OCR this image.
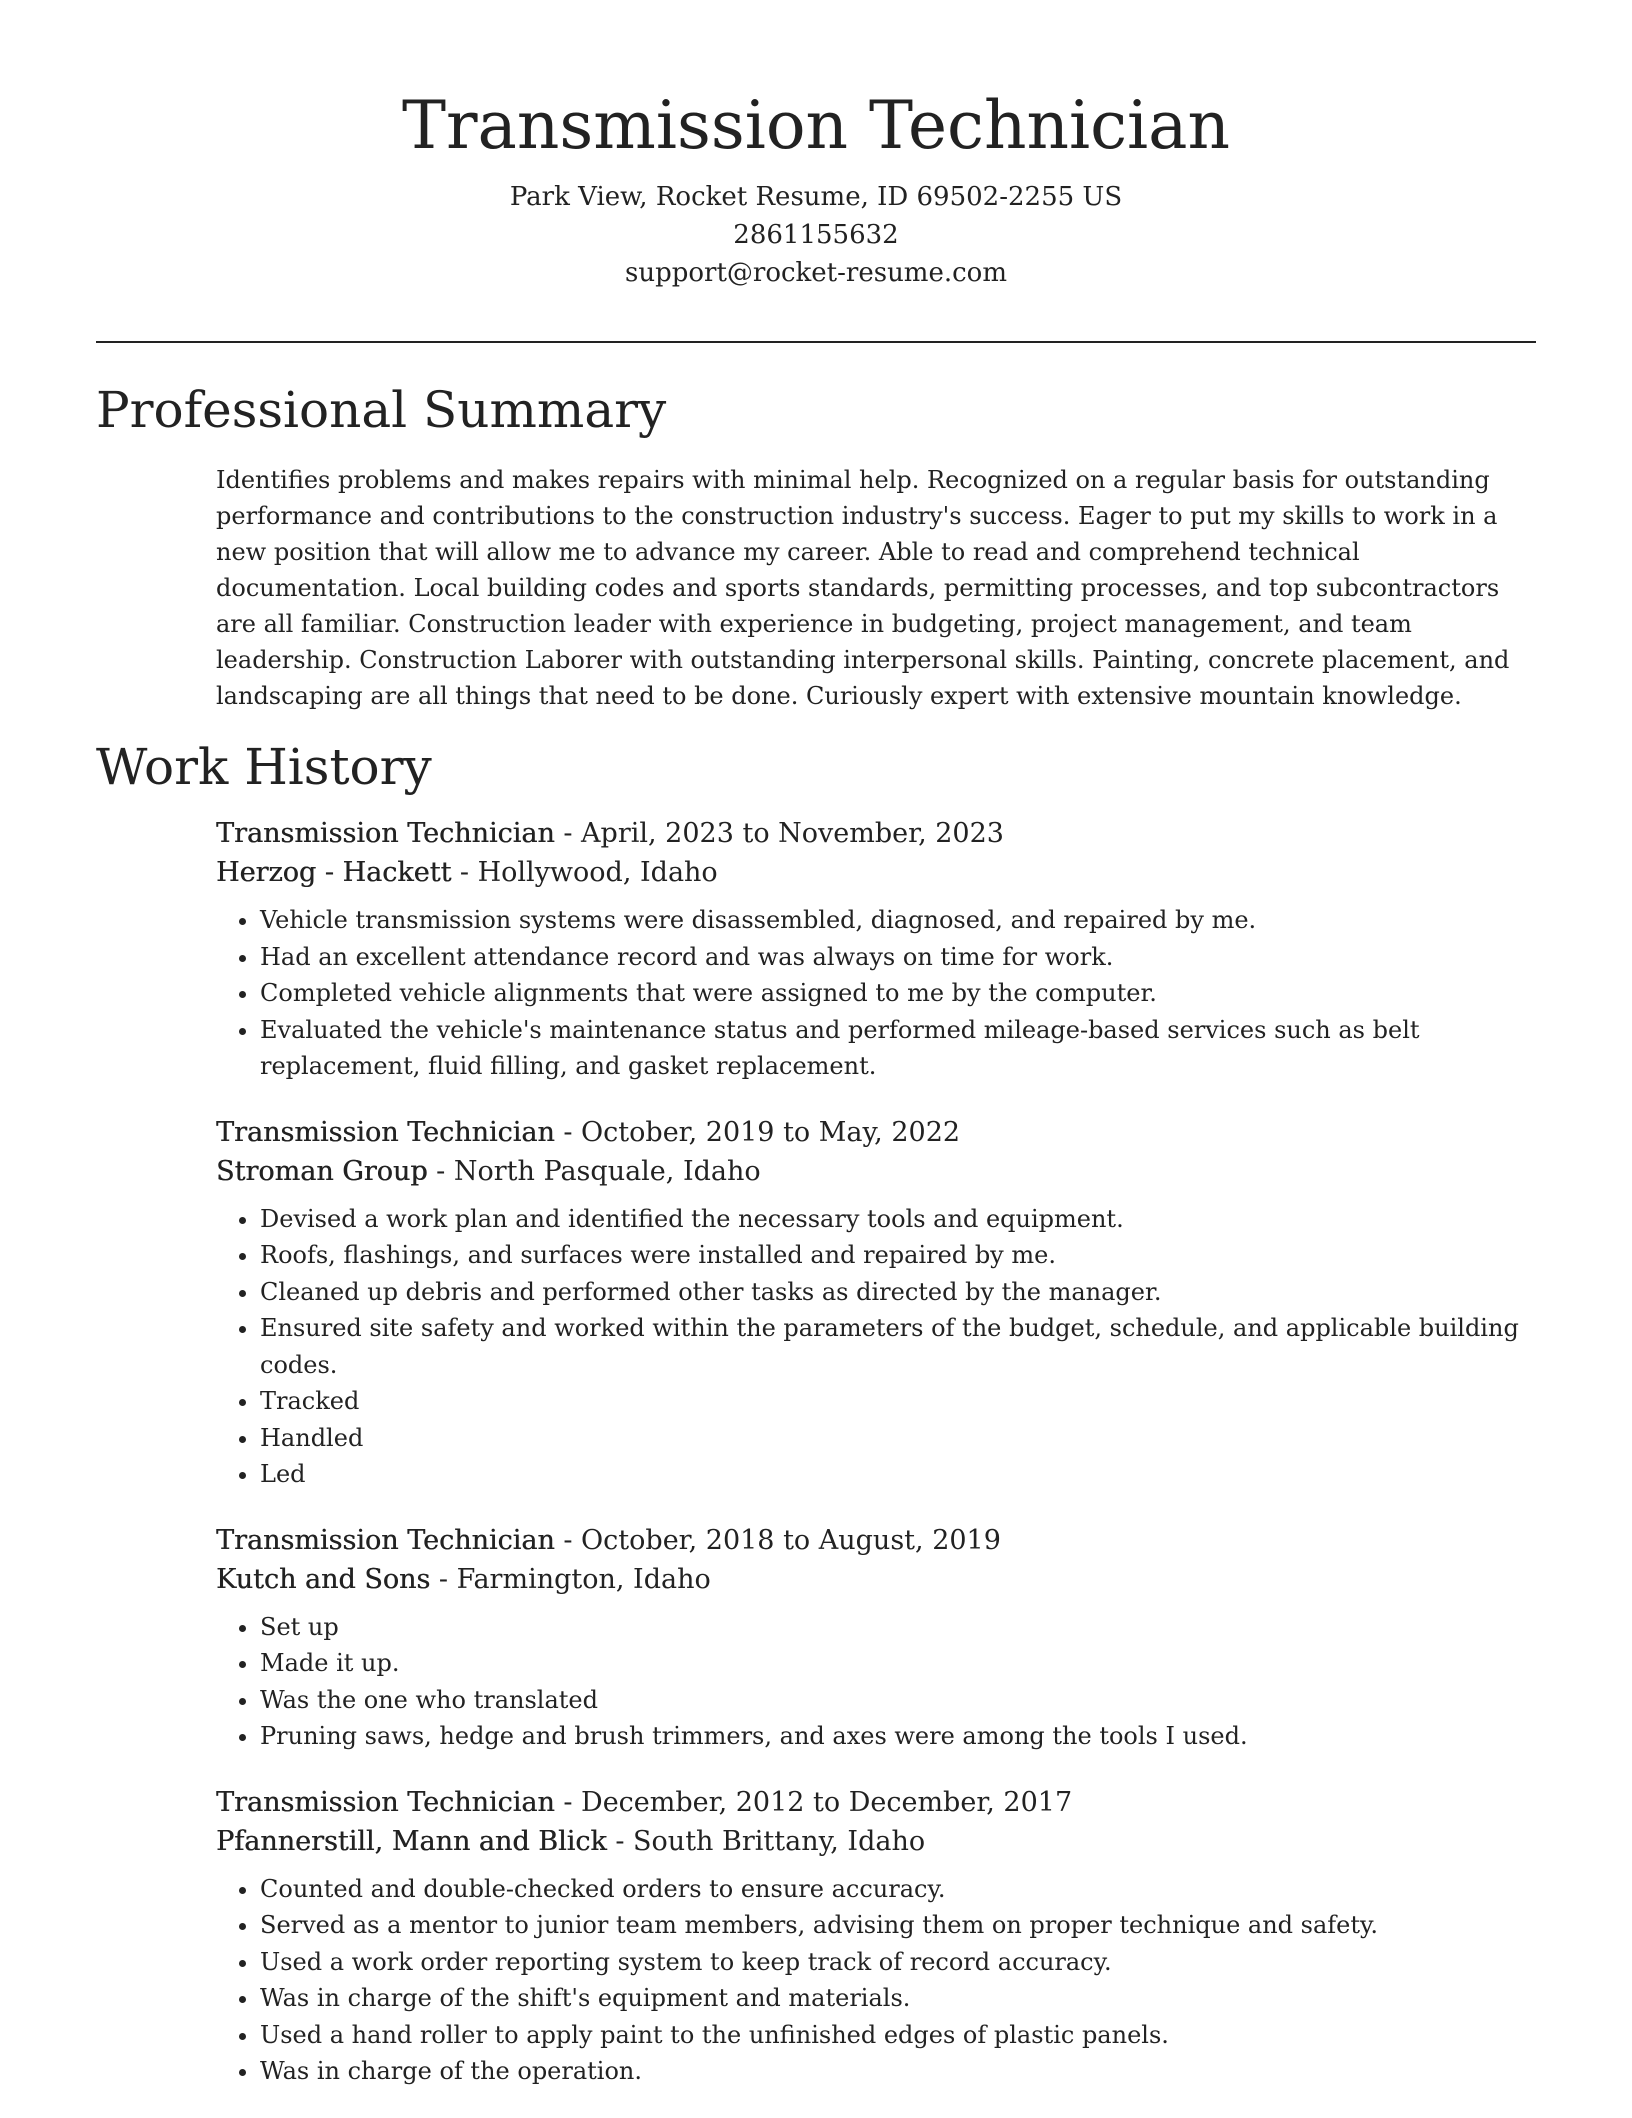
Transmission Technician
Park View, Rocket Resume, ID 69502-2255 US
2861155632
support@rocket-resume.com
Professional Summary

Identifies problems and makes repairs with minimal help. Recognized on a regular basis for outstanding performance and contributions to the construction industry's success. Eager to put my skills to work in a new position that will allow me to advance my career. Able to read and comprehend technical documentation. Local building codes and sports standards, permitting processes, and top subcontractors are all familiar. Construction leader with experience in budgeting, project management, and team leadership. Construction Laborer with outstanding interpersonal skills. Painting, concrete placement, and landscaping are all things that need to be done. Curiously expert with extensive mountain knowledge.

Work History
Transmission Technician - April, 2023 to November, 2023
Herzog - Hackett - Hollywood, Idaho
• Vehicle transmission systems were disassembled, diagnosed, and repaired by me.
• Had an excellent attendance record and was always on time for work.
• Completed vehicle alignments that were assigned to me by the computer.
• Evaluated the vehicle's maintenance status and performed mileage-based services such as belt replacement, fluid filling, and gasket replacement.
Transmission Technician - October, 2019 to May, 2022
Stroman Group - North Pasquale, Idaho
• Devised a work plan and identified the necessary tools and equipment.
• Roofs, flashings, and surfaces were installed and repaired by me.
• Cleaned up debris and performed other tasks as directed by the manager.
• Ensured site safety and worked within the parameters of the budget, schedule, and applicable building codes.
• Tracked
• Handled
• Led
Transmission Technician - October, 2018 to August, 2019
Kutch and Sons - Farmington, Idaho
• Set up
• Made it up.
• Was the one who translated
• Pruning saws, hedge and brush trimmers, and axes were among the tools I used.
Transmission Technician - December, 2012 to December, 2017
Pfannerstill, Mann and Blick - South Brittany, Idaho
• Counted and double-checked orders to ensure accuracy.
• Served as a mentor to junior team members, advising them on proper technique and safety.
• Used a work order reporting system to keep track of record accuracy.
• Was in charge of the shift's equipment and materials.
• Used a hand roller to apply paint to the unfinished edges of plastic panels.
• Was in charge of the operation.
